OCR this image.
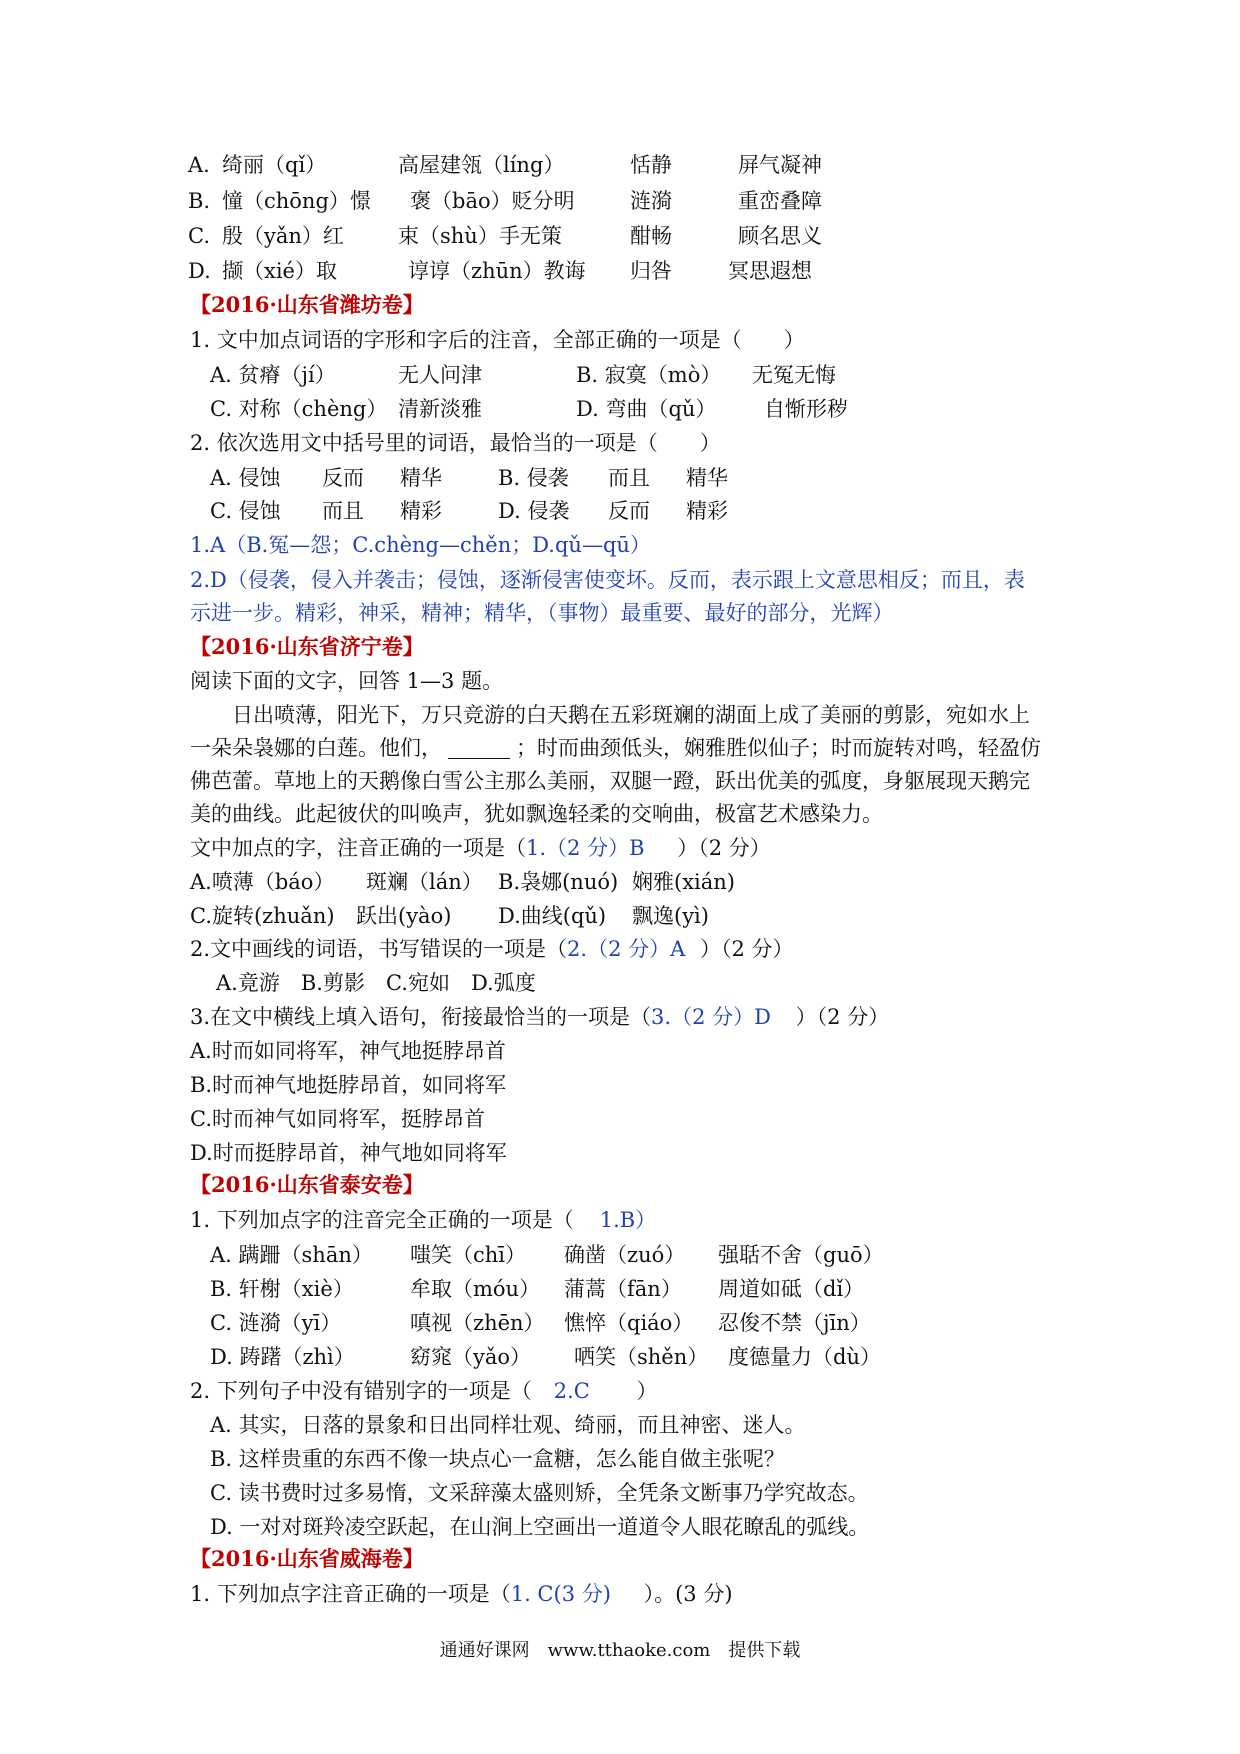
A. 绮丽（qǐ）	高屋建瓴（líng）	恬静	屏气凝神
B. 憧（chōng）憬 褒（bāo）贬分明	涟漪	重峦叠障
C. 殷（yǎn）红	束（shù）手无策	酣畅	顾名思义
D. 撷（xié）取	谆谆（zhūn）教诲 归咎	冥思遐想
【2016·山东省潍坊卷】
1. 文中加点词语的字形和字后的注音，全部正确的一项是（　　）
A. 贫瘠（jí）	无人问津	B. 寂寞（mò） 无冤无悔
C. 对称（chèng） 清新淡雅	D. 弯曲（qǔ） 自惭形秽
2. 依次选用文中括号里的词语，最恰当的一项是（　　）
A. 侵蚀 反而 精华	B. 侵袭 而且 精华
C. 侵蚀 而且 精彩	D. 侵袭 反而 精彩
1.A（B.冤—怨；C.chèng—chěn；D.qǔ—qū）
2.D（侵袭，侵入并袭击；侵蚀，逐渐侵害使变坏。反而，表示跟上文意思相反；而且，表
示进一步。精彩，神采，精神；精华，（事物）最重要、最好的部分，光辉）
【2016·山东省济宁卷】
阅读下面的文字，回答 1—3 题。
　　日出喷薄，阳光下，万只竞游的白天鹅在五彩斑斓的湖面上成了美丽的剪影，宛如水上
一朵朵袅娜的白莲。他们，	；时而曲颈低头，娴雅胜似仙子；时而旋转对鸣，轻盈仿
佛芭蕾。草地上的天鹅像白雪公主那么美丽，双腿一蹬，跃出优美的弧度，身躯展现天鹅完
美的曲线。此起彼伏的叫唤声，犹如飘逸轻柔的交响曲，极富艺术感染力。
文中加点的字，注音正确的一项是（1.（2 分）B ）（2 分）
A.喷薄（báo） 斑斓（lán） B.袅娜(nuó) 娴雅(xián)
C.旋转(zhuǎn) 跃出(yào) D.曲线(qǔ) 飘逸(yì)
2.文中画线的词语，书写错误的一项是（2.（2 分）A ）（2 分）
A.竟游　B.剪影　C.宛如　D.弧度
3.在文中横线上填入语句，衔接最恰当的一项是（3.（2 分）D ）（2 分）
A.时而如同将军，神气地挺脖昂首
B.时而神气地挺脖昂首，如同将军
C.时而神气如同将军，挺脖昂首
D.时而挺脖昂首，神气地如同将军
【2016·山东省泰安卷】
1. 下列加点字的注音完全正确的一项是（ 1.B）
A. 蹒跚（shān） 嗤笑（chī） 确凿（zuó） 强聒不舍（guō）
B. 轩榭（xiè）	牟取（móu） 蒲蒿（fān） 周道如砥（dǐ）
C. 涟漪（yī）	嗔视（zhēn） 憔悴（qiáo） 忍俊不禁（jīn）
D. 踌躇（zhì）	窈窕（yǎo） 哂笑（shěn） 度德量力（dù）
2. 下列句子中没有错别字的一项是（ 2.C ）
A. 其实，日落的景象和日出同样壮观、绮丽，而且神密、迷人。
B. 这样贵重的东西不像一块点心一盒糖，怎么能自做主张呢？
C. 读书费时过多易惰，文采辞藻太盛则矫，全凭条文断事乃学究故态。
D. 一对对斑羚凌空跃起，在山涧上空画出一道道令人眼花瞭乱的弧线。
【2016·山东省威海卷】
1. 下列加点字注音正确的一项是（1. C(3 分) ）。(3 分)
通通好课网　www.tthaoke.com　提供下载
